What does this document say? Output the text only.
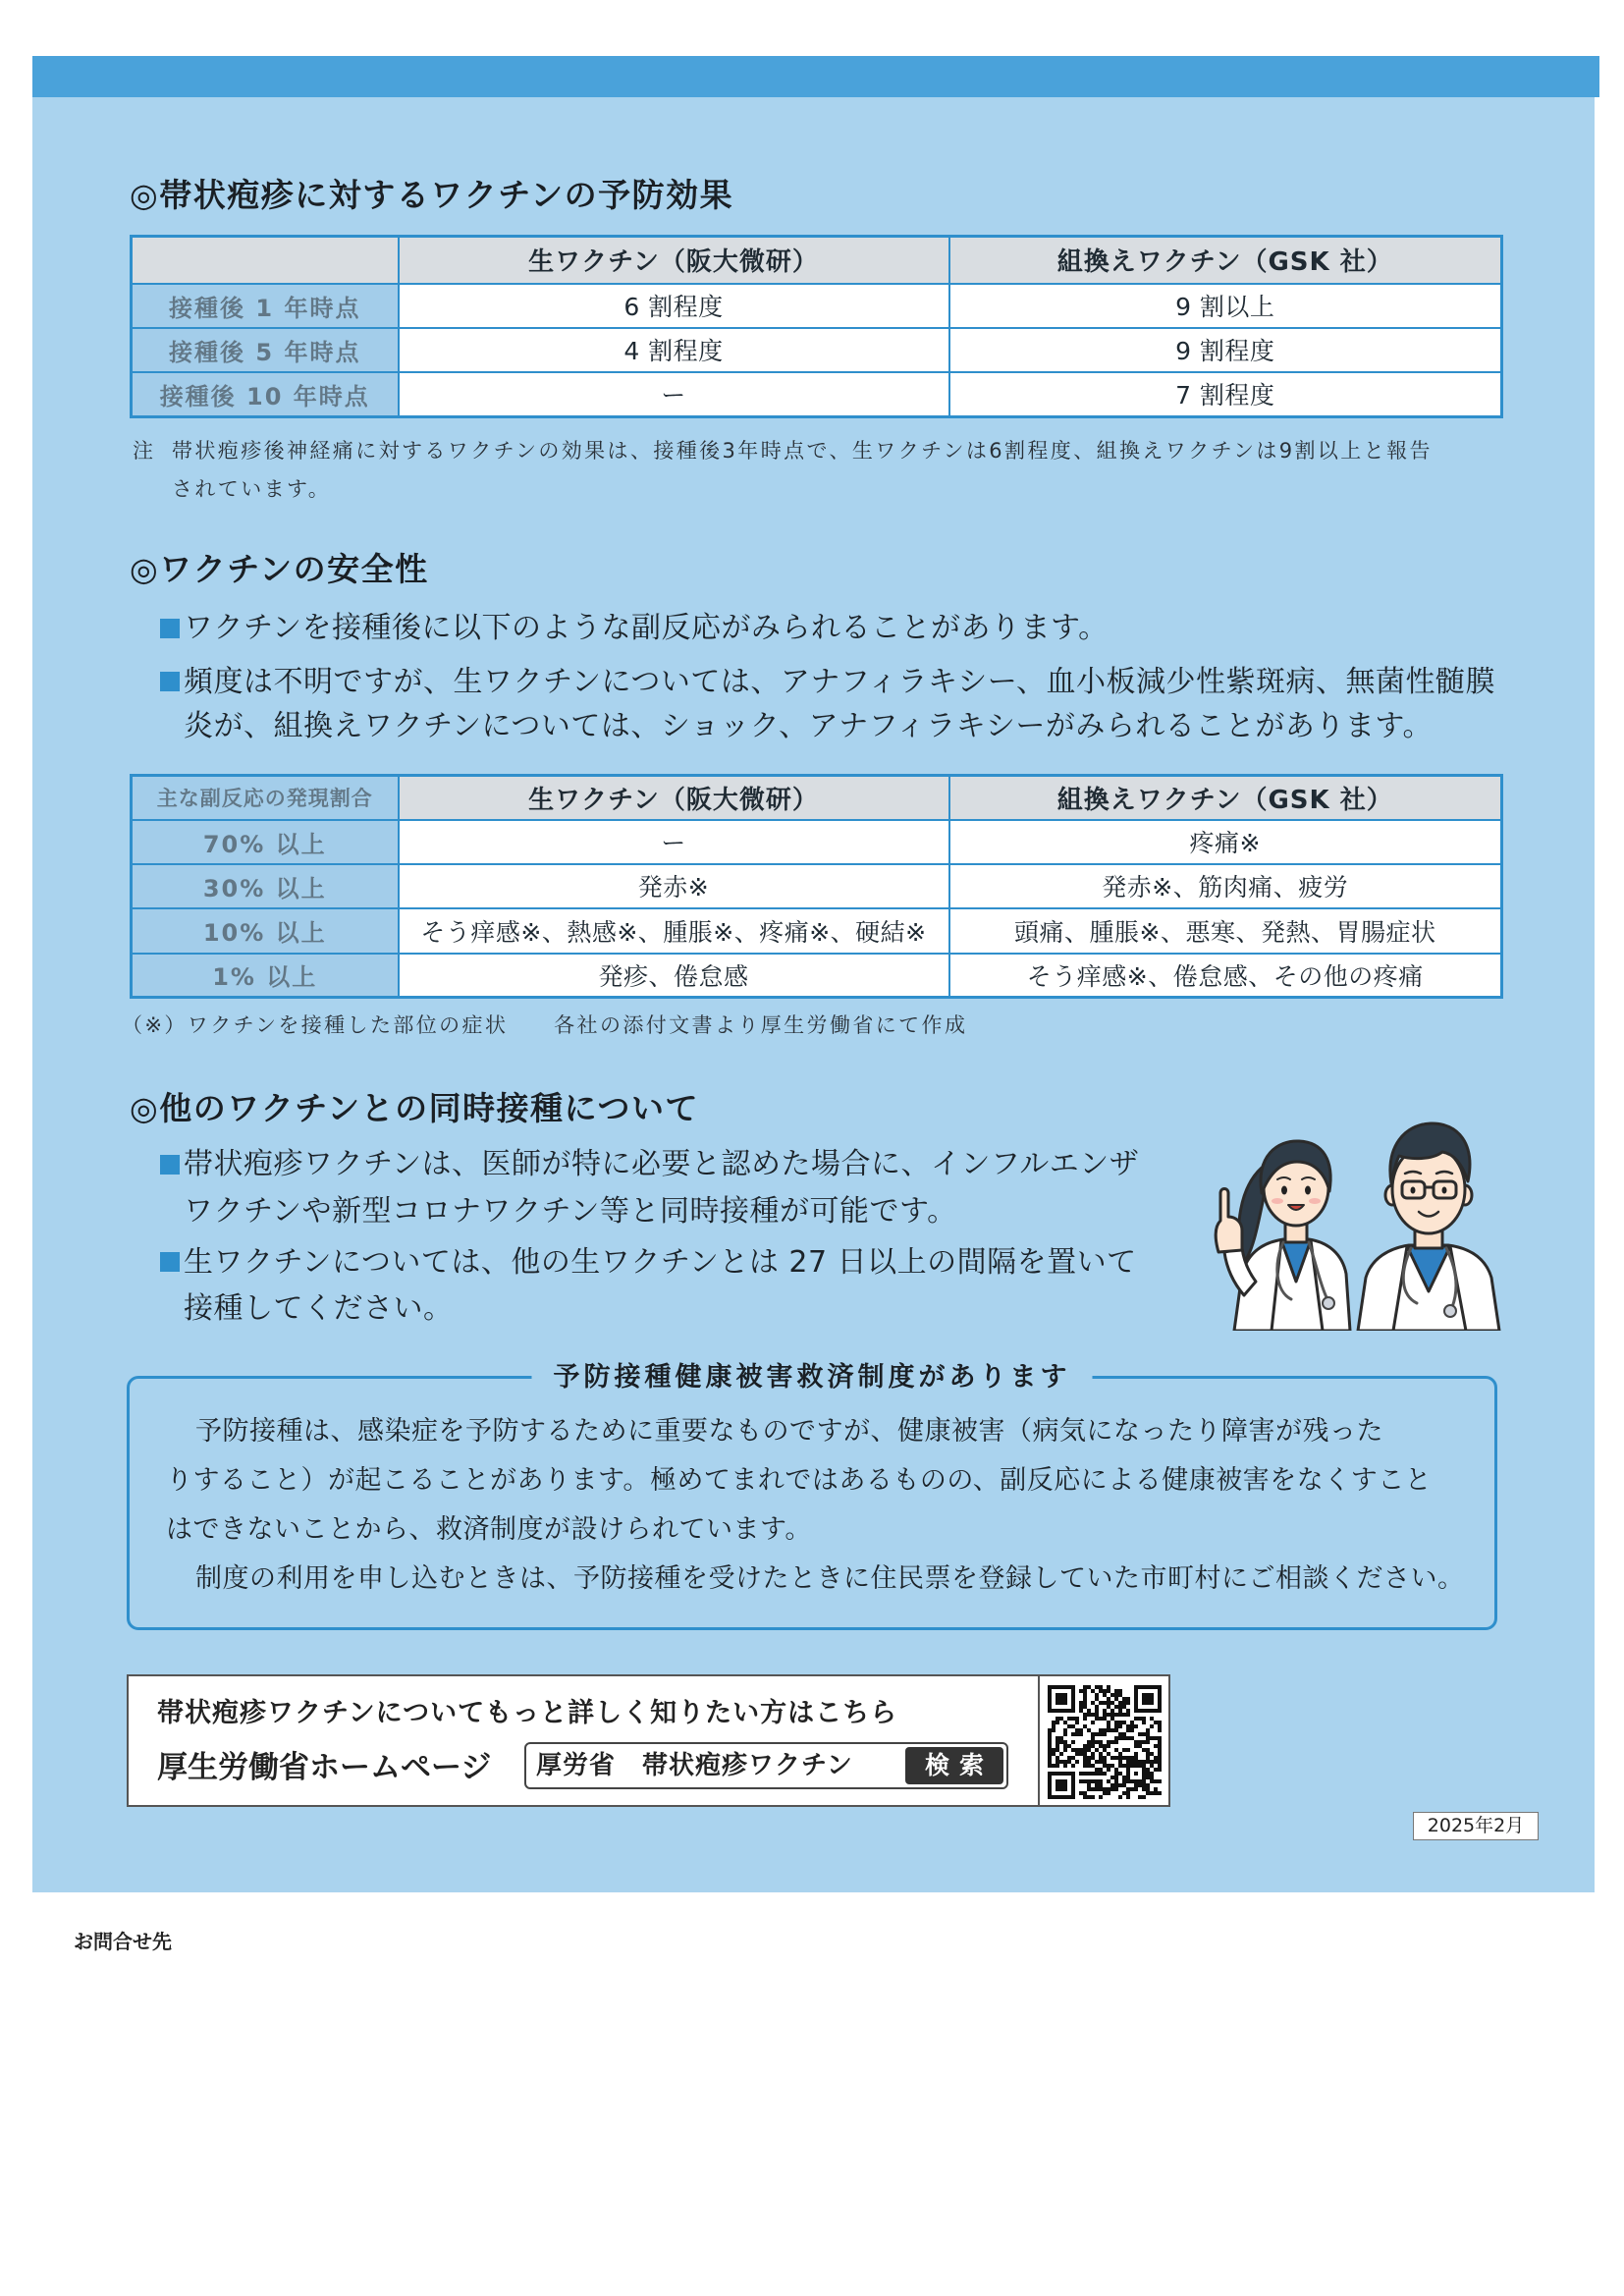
◎帯状疱疹に対するワクチンの予防効果
	生ワクチン（阪大微研）	組換えワクチン（GSK 社）
接種後 1 年時点	6 割程度	9 割以上
接種後 5 年時点	4 割程度	9 割程度
接種後 10 年時点	ー	7 割程度
注 帯状疱疹後神経痛に対するワクチンの効果は、接種後3年時点で、生ワクチンは6割程度、組換えワクチンは9割以上と報告
されています。
◎ワクチンの安全性
ワクチンを接種後に以下のような副反応がみられることがあります。
頻度は不明ですが、生ワクチンについては、アナフィラキシー、血小板減少性紫斑病、無菌性髄膜
炎が、組換えワクチンについては、ショック、アナフィラキシーがみられることがあります。
主な副反応の発現割合	生ワクチン（阪大微研）	組換えワクチン（GSK 社）
70% 以上	ー	疼痛※
30% 以上	発赤※	発赤※、筋肉痛、疲労
10% 以上	そう痒感※、熱感※、腫脹※、疼痛※、硬結※	頭痛、腫脹※、悪寒、発熱、胃腸症状
1% 以上	発疹、倦怠感	そう痒感※、倦怠感、その他の疼痛
（※）ワクチンを接種した部位の症状　　各社の添付文書より厚生労働省にて作成
◎他のワクチンとの同時接種について
帯状疱疹ワクチンは、医師が特に必要と認めた場合に、インフルエンザ
ワクチンや新型コロナワクチン等と同時接種が可能です。
生ワクチンについては、他の生ワクチンとは 27 日以上の間隔を置いて
接種してください。
予防接種健康被害救済制度があります
予防接種は、感染症を予防するために重要なものですが、健康被害（病気になったり障害が残った
りすること）が起こることがあります。極めてまれではあるものの、副反応による健康被害をなくすこと
はできないことから、救済制度が設けられています。
制度の利用を申し込むときは、予防接種を受けたときに住民票を登録していた市町村にご相談ください。
帯状疱疹ワクチンについてもっと詳しく知りたい方はこちら
厚生労働省ホームページ 厚労省　帯状疱疹ワクチン	検索
2025年2月
お問合せ先
